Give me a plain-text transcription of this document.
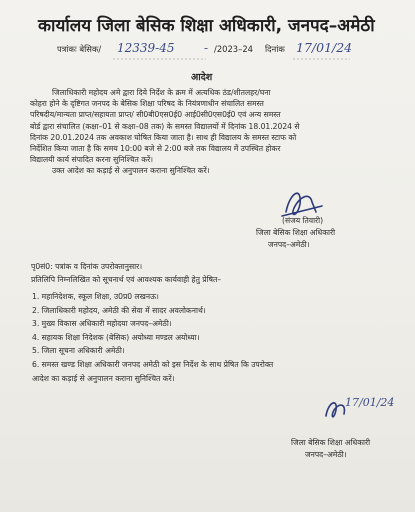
कार्यालय जिला बेसिक शिक्षा अधिकारी, जनपद–अमेठी
पत्रांकः बेसिक/ 12339-45 - /2023–24 दिनांक 17/01/24
आदेश

जिलाधिकारी महोदय अमे द्वारा दिये निर्देश के क्रम में अत्यधिक ठंड/शीतलहर/घना

कोहरा होने के दृष्टिगत जनपद के बेसिक शिक्षा परिषद के नियंत्रणाधीन संचालित समस्त

परिषदीय/मान्यता प्राप्त/सहायता प्राप्त/ सी0बी0एस0ई0 आई0सी0एस0ई0 एवं अन्य समस्त

बोर्ड द्वारा संचालित (कक्षा–01 से कक्षा–08 तक) के समस्त विद्यालयों में दिनांक 18.01.2024 से

दिनांक 20.01.2024 तक अवकाश घोषित किया जाता है। साथ ही विद्यालय के समस्त स्टाफ को

निर्देशित किया जाता है कि समय 10:00 बजे से 2:00 बजे तक विद्यालय में उपस्थित होकर

विद्यालयी कार्य संपादित करना सुनिश्चित करें।

उक्त आदेश का कड़ाई से अनुपालन कराना सुनिश्चित करें।

(संजय तिवारी)
जिला बेसिक शिक्षा अधिकारी
जनपद–अमेठी।
पृ0सं0: पत्रांक व दिनांक उपरोक्तानुसार।
प्रतिलिपि निम्नलिखित को सूचनार्थ एवं आवश्यक कार्यवाही हेतु प्रेषित–

1. महानिदेशक, स्कूल शिक्षा, उ0प्र0 लखनऊ।

2. जिलाधिकारी महोदय, अमेठी की सेवा में सादर अवलोकनार्थ।

3. मुख्य विकास अधिकारी महोदया जनपद–अमेठी।

4. सहायक शिक्षा निदेशक (बेसिक) अयोध्या मण्डल अयोध्या।

5. जिला सूचना अधिकारी अमेठी।

6. समस्त खण्ड शिक्षा अधिकारी जनपद अमेठी को इस निर्देश के साथ प्रेषित कि उपरोक्त

आदेश का कड़ाई से अनुपालन कराना सुनिश्चित करें।

17/01/24
जिला बेसिक शिक्षा अधिकारी
जनपद–अमेठी।
